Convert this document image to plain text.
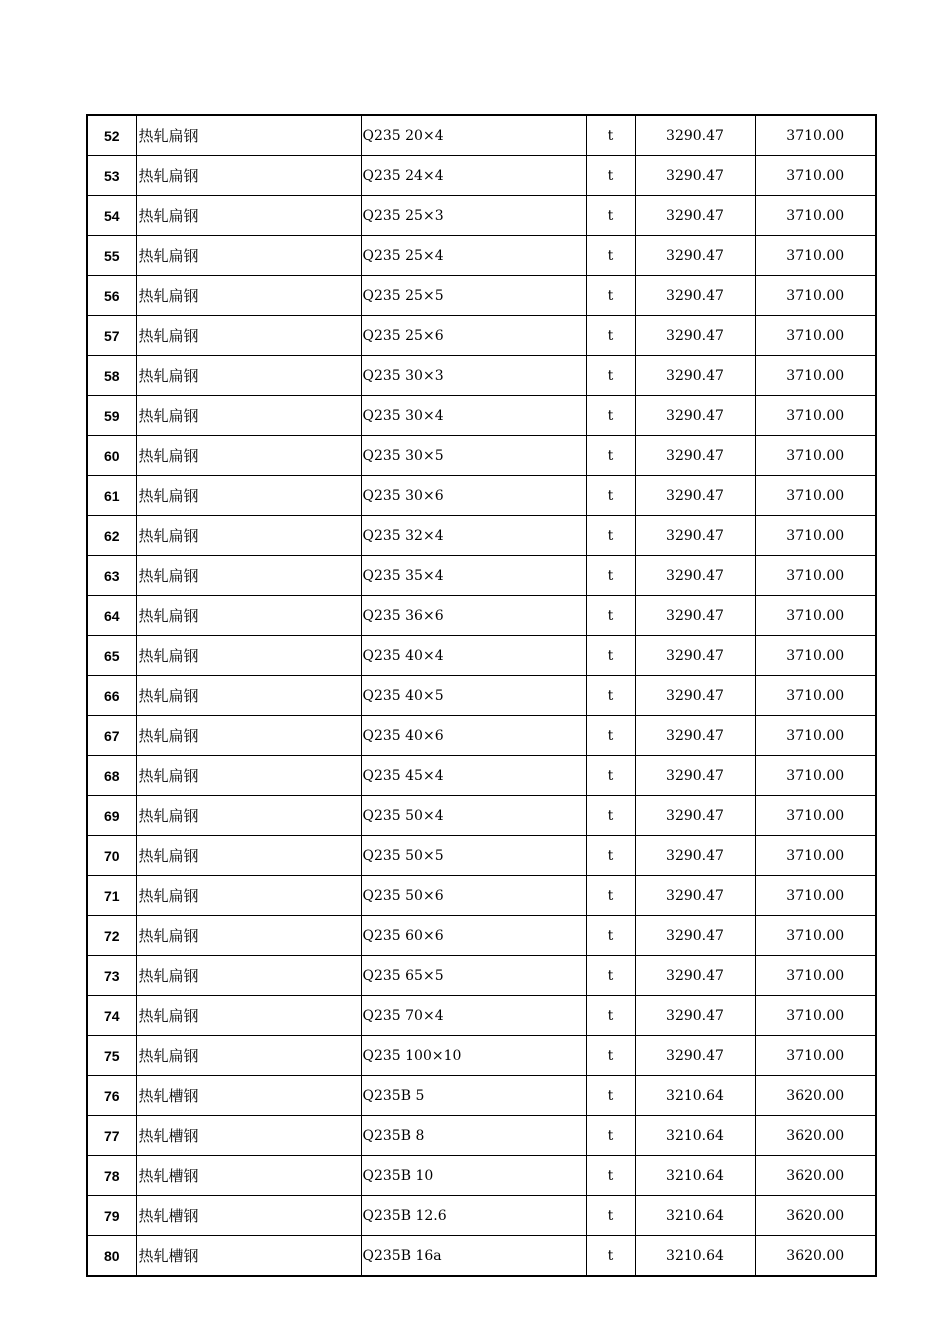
52	热轧扁钢	Q235 20×4	t	3290.47	3710.00
53	热轧扁钢	Q235 24×4	t	3290.47	3710.00
54	热轧扁钢	Q235 25×3	t	3290.47	3710.00
55	热轧扁钢	Q235 25×4	t	3290.47	3710.00
56	热轧扁钢	Q235 25×5	t	3290.47	3710.00
57	热轧扁钢	Q235 25×6	t	3290.47	3710.00
58	热轧扁钢	Q235 30×3	t	3290.47	3710.00
59	热轧扁钢	Q235 30×4	t	3290.47	3710.00
60	热轧扁钢	Q235 30×5	t	3290.47	3710.00
61	热轧扁钢	Q235 30×6	t	3290.47	3710.00
62	热轧扁钢	Q235 32×4	t	3290.47	3710.00
63	热轧扁钢	Q235 35×4	t	3290.47	3710.00
64	热轧扁钢	Q235 36×6	t	3290.47	3710.00
65	热轧扁钢	Q235 40×4	t	3290.47	3710.00
66	热轧扁钢	Q235 40×5	t	3290.47	3710.00
67	热轧扁钢	Q235 40×6	t	3290.47	3710.00
68	热轧扁钢	Q235 45×4	t	3290.47	3710.00
69	热轧扁钢	Q235 50×4	t	3290.47	3710.00
70	热轧扁钢	Q235 50×5	t	3290.47	3710.00
71	热轧扁钢	Q235 50×6	t	3290.47	3710.00
72	热轧扁钢	Q235 60×6	t	3290.47	3710.00
73	热轧扁钢	Q235 65×5	t	3290.47	3710.00
74	热轧扁钢	Q235 70×4	t	3290.47	3710.00
75	热轧扁钢	Q235 100×10	t	3290.47	3710.00
76	热轧槽钢	Q235B 5	t	3210.64	3620.00
77	热轧槽钢	Q235B 8	t	3210.64	3620.00
78	热轧槽钢	Q235B 10	t	3210.64	3620.00
79	热轧槽钢	Q235B 12.6	t	3210.64	3620.00
80	热轧槽钢	Q235B 16a	t	3210.64	3620.00
